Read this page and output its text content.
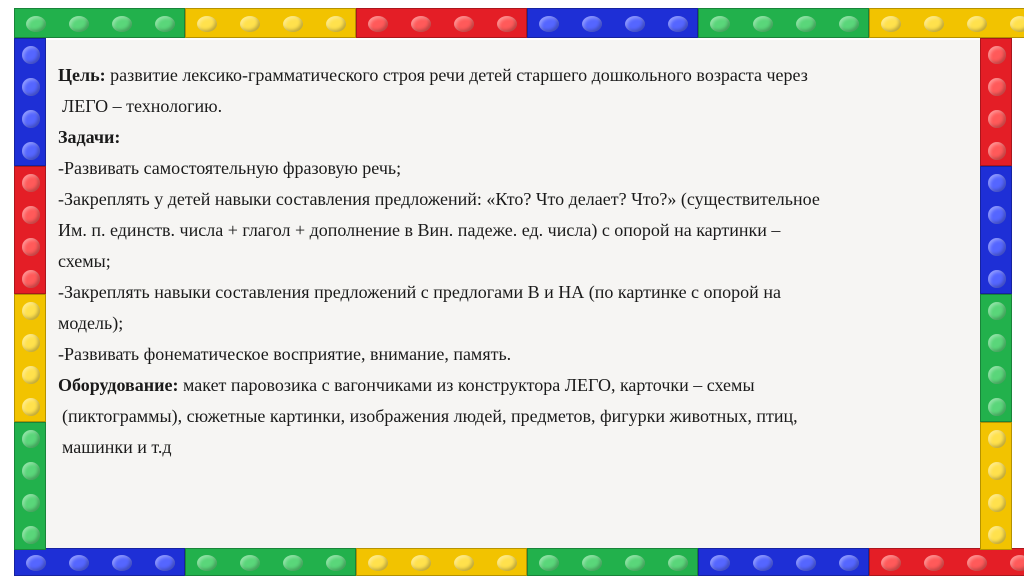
Цель: развитие лексико-грамматического строя речи детей старшего дошкольного возраста через

ЛЕГО – технологию.

Задачи:

-Развивать самостоятельную фразовую речь;

-Закреплять у детей навыки составления предложений: «Кто? Что делает? Что?» (существительное

Им. п. единств. числа + глагол + дополнение в Вин. падеже. ед. числа) с опорой на картинки –

схемы;

-Закреплять навыки составления предложений с предлогами В и НА (по картинке с опорой на

модель);

-Развивать фонематическое восприятие, внимание, память.

Оборудование: макет паровозика с вагончиками из конструктора ЛЕГО, карточки – схемы

(пиктограммы), сюжетные картинки, изображения людей, предметов, фигурки животных, птиц,

машинки и т.д
